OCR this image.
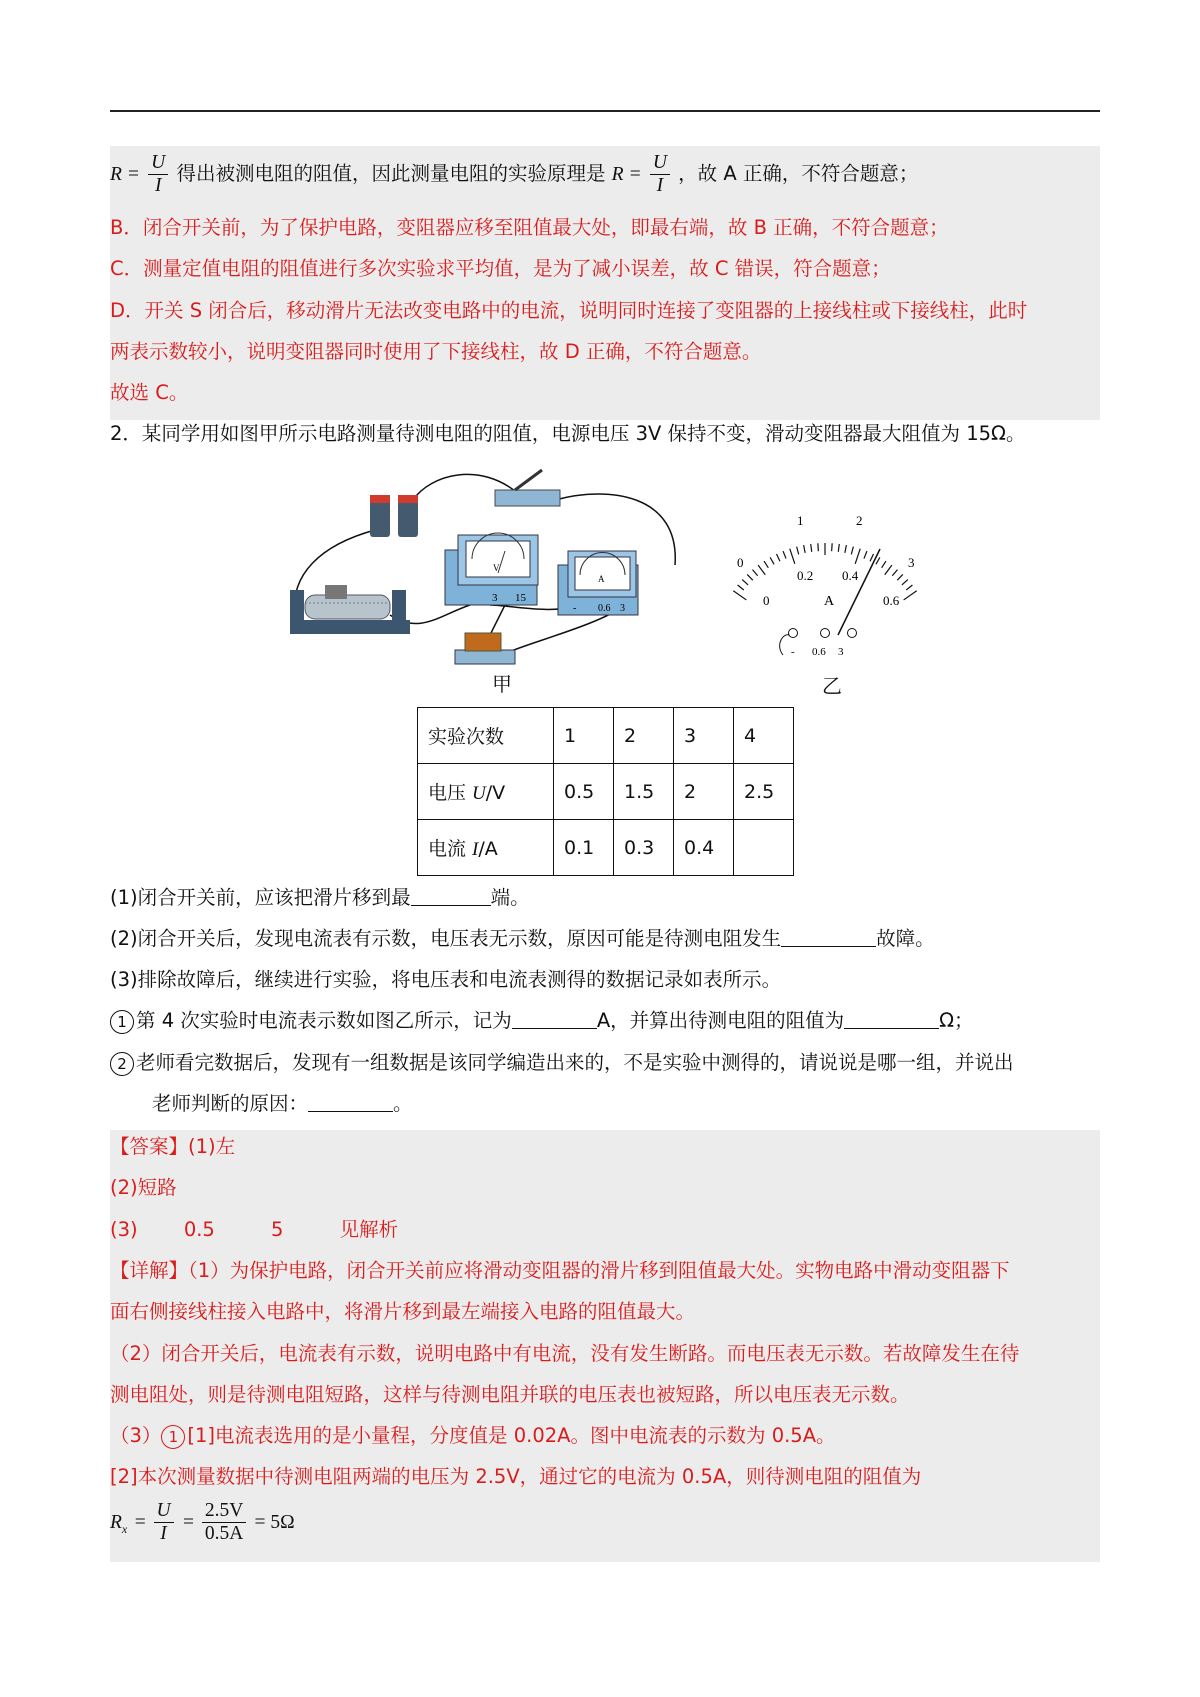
$R = \frac{U}{I}$ 得出被测电阻的阻值，因此测量电阻的实验原理是 $R = \frac{U}{I}$ ，故 A 正确，不符合题意；
B．闭合开关前，为了保护电路，变阻器应移至阻值最大处，即最右端，故 B 正确，不符合题意；
C．测量定值电阻的阻值进行多次实验求平均值，是为了减小误差，故 C 错误，符合题意；
D．开关 S 闭合后，移动滑片无法改变电路中的电流，说明同时连接了变阻器的上接线柱或下接线柱，此时
两表示数较小，说明变阻器同时使用了下接线柱，故 D 正确，不符合题意。
故选 C。
2．某同学用如图甲所示电路测量待测电阻的阻值，电源电压 3V 保持不变，滑动变阻器最大阻值为 15Ω。
V
3 15
A
- 0.6 3
甲
0
1	2
3
0
0.2 0.4
0.6
A
- 0.6 3
乙
实验次数	1	2	3	4
电压 U/V	0.5	1.5	2	2.5
电流 I/A	0.1	0.3	0.4	
(1)闭合开关前，应该把滑片移到最	端。
(2)闭合开关后，发现电流表有示数，电压表无示数，原因可能是待测电阻发生	故障。
(3)排除故障后，继续进行实验，将电压表和电流表测得的数据记录如表所示。
1 第 4 次实验时电流表示数如图乙所示，记为	A，并算出待测电阻的阻值为	Ω；
2 老师看完数据后，发现有一组数据是该同学编造出来的，不是实验中测得的，请说说是哪一组，并说出
老师判断的原因：	。
【答案】(1)左
(2)短路
(3) 0.5	5	见解析
【详解】（1）为保护电路，闭合开关前应将滑动变阻器的滑片移到阻值最大处。实物电路中滑动变阻器下
面右侧接线柱接入电路中，将滑片移到最左端接入电路的阻值最大。
（2）闭合开关后，电流表有示数，说明电路中有电流，没有发生断路。而电压表无示数。若故障发生在待
测电阻处，则是待测电阻短路，这样与待测电阻并联的电压表也被短路，所以电压表无示数。
（3） 1 [1]电流表选用的是小量程，分度值是 0.02A。图中电流表的示数为 0.5A。
[2]本次测量数据中待测电阻两端的电压为 2.5V，通过它的电流为 0.5A，则待测电阻的阻值为
$R_x = \frac{U}{I} = \frac{2.5V}{0.5A} = 5\Omega$
